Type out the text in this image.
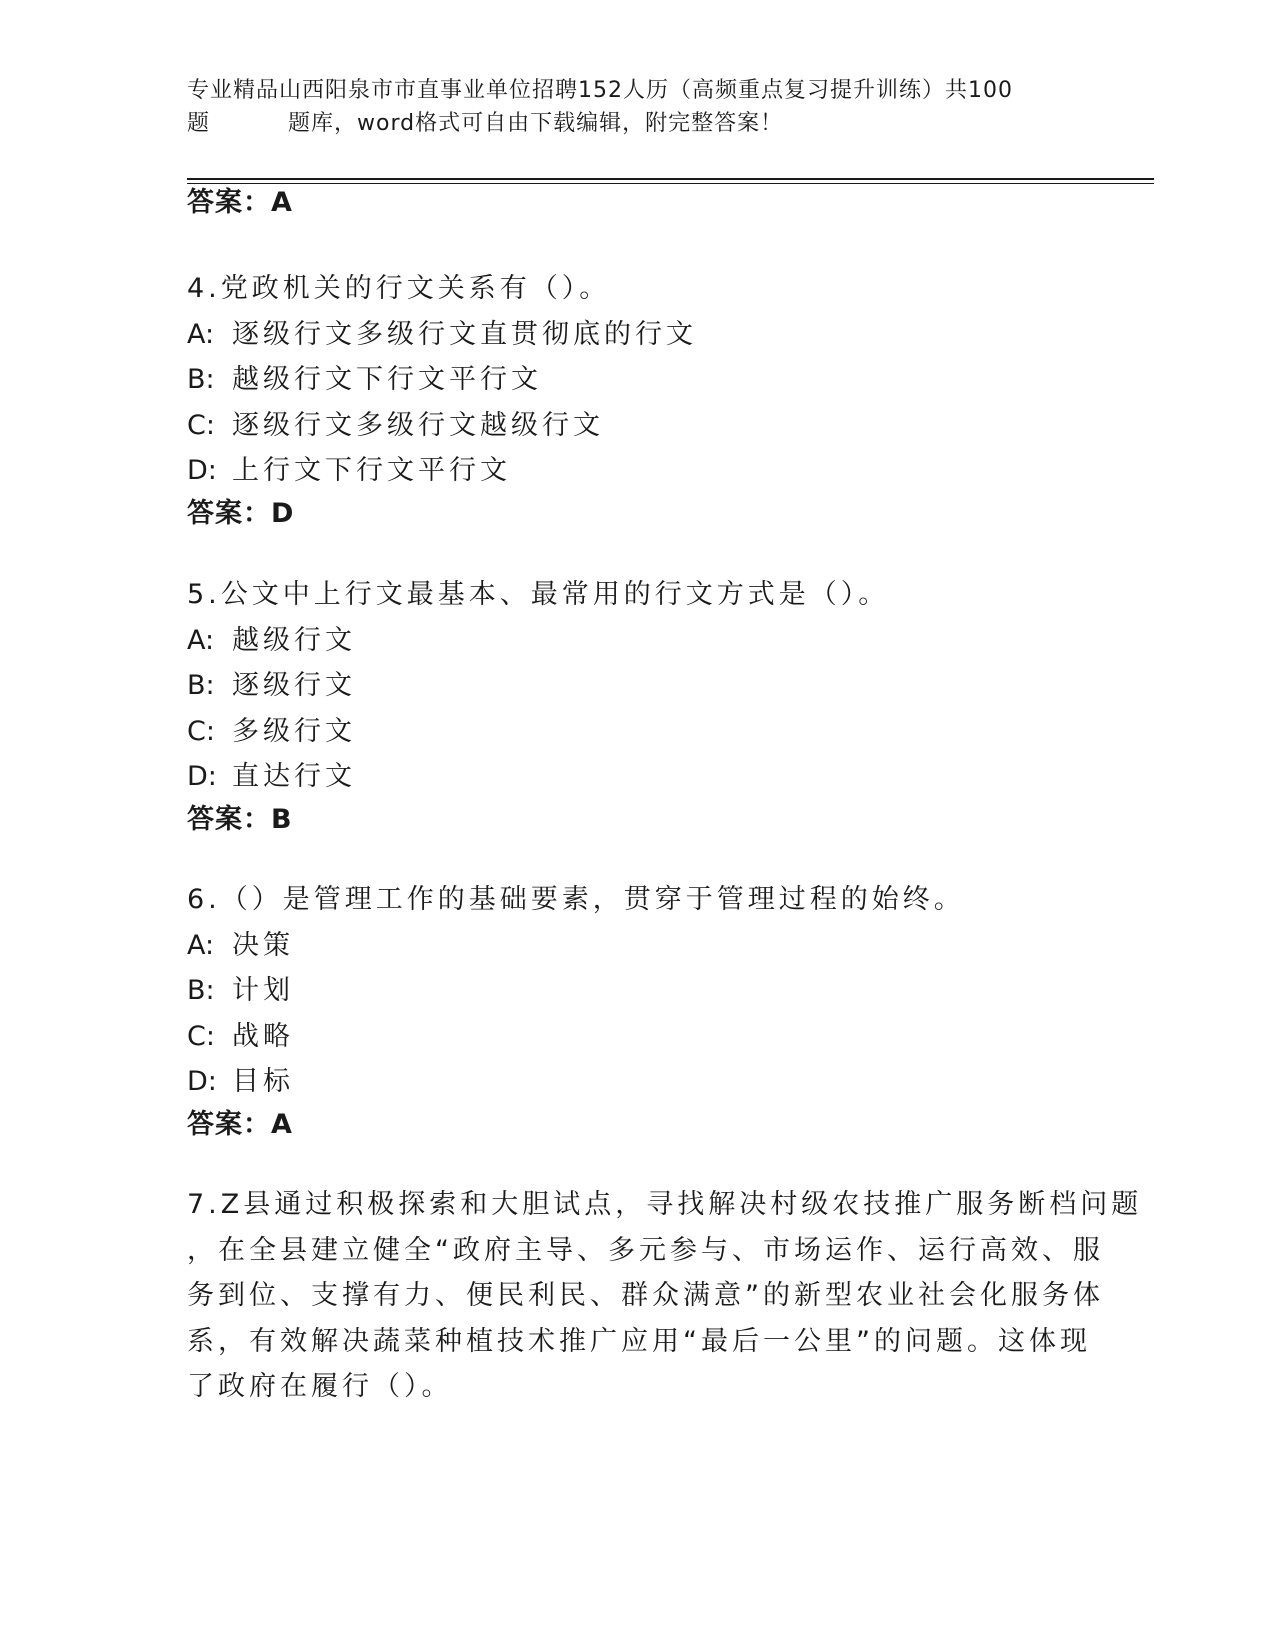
专业精品山西阳泉市市直事业单位招聘152人历（高频重点复习提升训练）共100
题	题库，word格式可自由下载编辑，附完整答案！
答案：A
4.党政机关的行文关系有（）。
A: 逐级行文多级行文直贯彻底的行文
B: 越级行文下行文平行文
C: 逐级行文多级行文越级行文
D: 上行文下行文平行文
答案：D
5.公文中上行文最基本、最常用的行文方式是（）。
A: 越级行文
B: 逐级行文
C: 多级行文
D: 直达行文
答案：B
6.（）是管理工作的基础要素，贯穿于管理过程的始终。
A: 决策
B: 计划
C: 战略
D: 目标
答案：A
7.Z县通过积极探索和大胆试点，寻找解决村级农技推广服务断档问题
，在全县建立健全“政府主导、多元参与、市场运作、运行高效、服
务到位、支撑有力、便民利民、群众满意”的新型农业社会化服务体
系，有效解决蔬菜种植技术推广应用“最后一公里”的问题。这体现
了政府在履行（）。
